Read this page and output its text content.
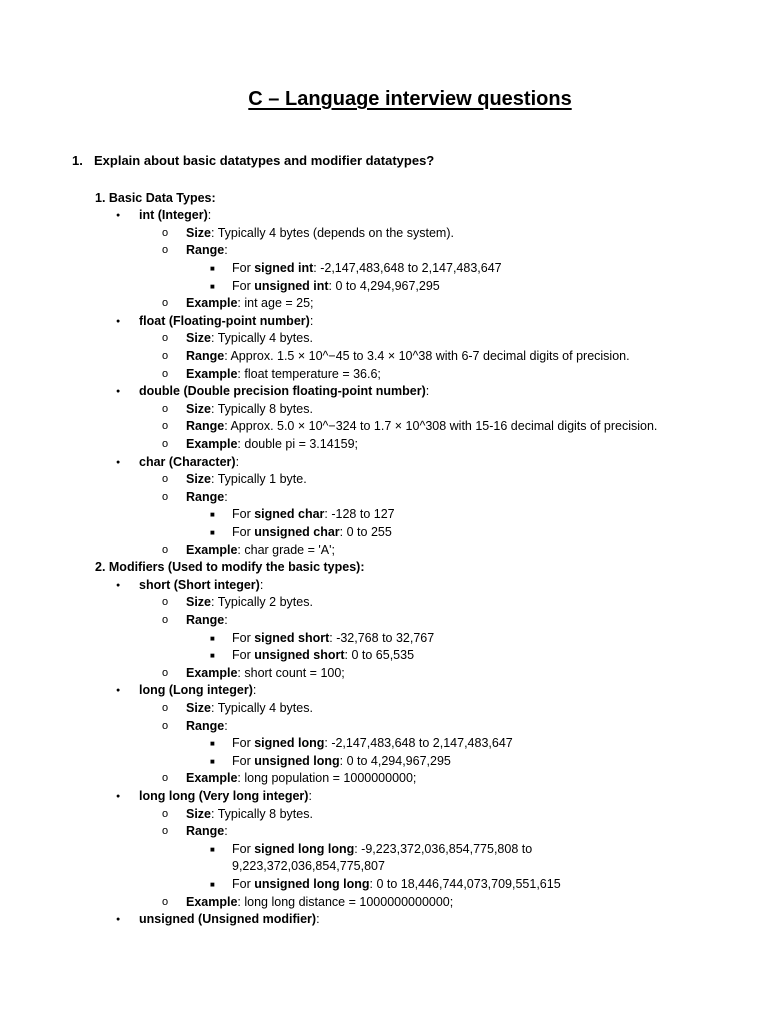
C – Language interview questions

1. Explain about basic datatypes and modifier datatypes?

1. Basic Data Types:
int (Integer):
●
Size: Typically 4 bytes (depends on the system).
o
Range:
o
For signed int: -2,147,483,648 to 2,147,483,647
■
For unsigned int: 0 to 4,294,967,295
■
Example: int age = 25;
o
float (Floating-point number):
●
Size: Typically 4 bytes.
o
Range: Approx. 1.5 × 10^−45 to 3.4 × 10^38 with 6-7 decimal digits of precision.
o
Example: float temperature = 36.6;
o
double (Double precision floating-point number):
●
Size: Typically 8 bytes.
o
Range: Approx. 5.0 × 10^−324 to 1.7 × 10^308 with 15-16 decimal digits of precision.
o
Example: double pi = 3.14159;
o
char (Character):
●
Size: Typically 1 byte.
o
Range:
o
For signed char: -128 to 127
■
For unsigned char: 0 to 255
■
Example: char grade = 'A';
o
2. Modifiers (Used to modify the basic types):
short (Short integer):
●
Size: Typically 2 bytes.
o
Range:
o
For signed short: -32,768 to 32,767
■
For unsigned short: 0 to 65,535
■
Example: short count = 100;
o
long (Long integer):
●
Size: Typically 4 bytes.
o
Range:
o
For signed long: -2,147,483,648 to 2,147,483,647
■
For unsigned long: 0 to 4,294,967,295
■
Example: long population = 1000000000;
o
long long (Very long integer):
●
Size: Typically 8 bytes.
o
Range:
o
For signed long long: -9,223,372,036,854,775,808 to
■
9,223,372,036,854,775,807
For unsigned long long: 0 to 18,446,744,073,709,551,615
■
Example: long long distance = 1000000000000;
o
unsigned (Unsigned modifier):
●
